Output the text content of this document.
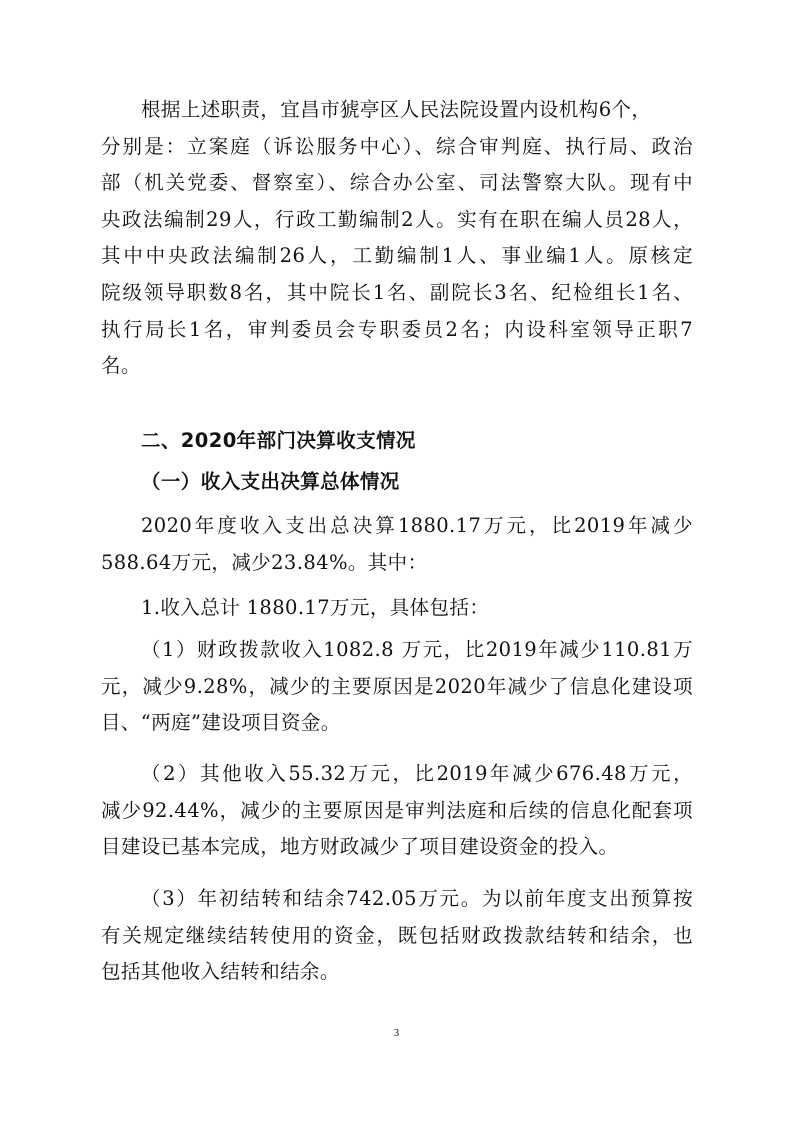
根据上述职责，宜昌市猇亭区人民法院设置内设机构6个，
分别是：立案庭（诉讼服务中心）、综合审判庭、执行局、政治
部（机关党委、督察室）、综合办公室、司法警察大队。现有中
央政法编制29人，行政工勤编制2人。实有在职在编人员28人，
其中中央政法编制26人，工勤编制1人、事业编1人。原核定
院级领导职数8名，其中院长1名、副院长3名、纪检组长1名、
执行局长1名，审判委员会专职委员2名；内设科室领导正职7
名。
二、2020年部门决算收支情况
（一）收入支出决算总体情况
2020年度收入支出总决算1880.17万元，比2019年减少
588.64万元，减少23.84%。其中：
1.收入总计 1880.17万元，具体包括：
（1）财政拨款收入1082.8 万元，比2019年减少110.81万
元，减少9.28%，减少的主要原因是2020年减少了信息化建设项
目、“两庭”建设项目资金。
（2）其他收入55.32万元，比2019年减少676.48万元，
减少92.44%，减少的主要原因是审判法庭和后续的信息化配套项
目建设已基本完成，地方财政减少了项目建设资金的投入。
（3）年初结转和结余742.05万元。为以前年度支出预算按
有关规定继续结转使用的资金，既包括财政拨款结转和结余，也
包括其他收入结转和结余。
3
